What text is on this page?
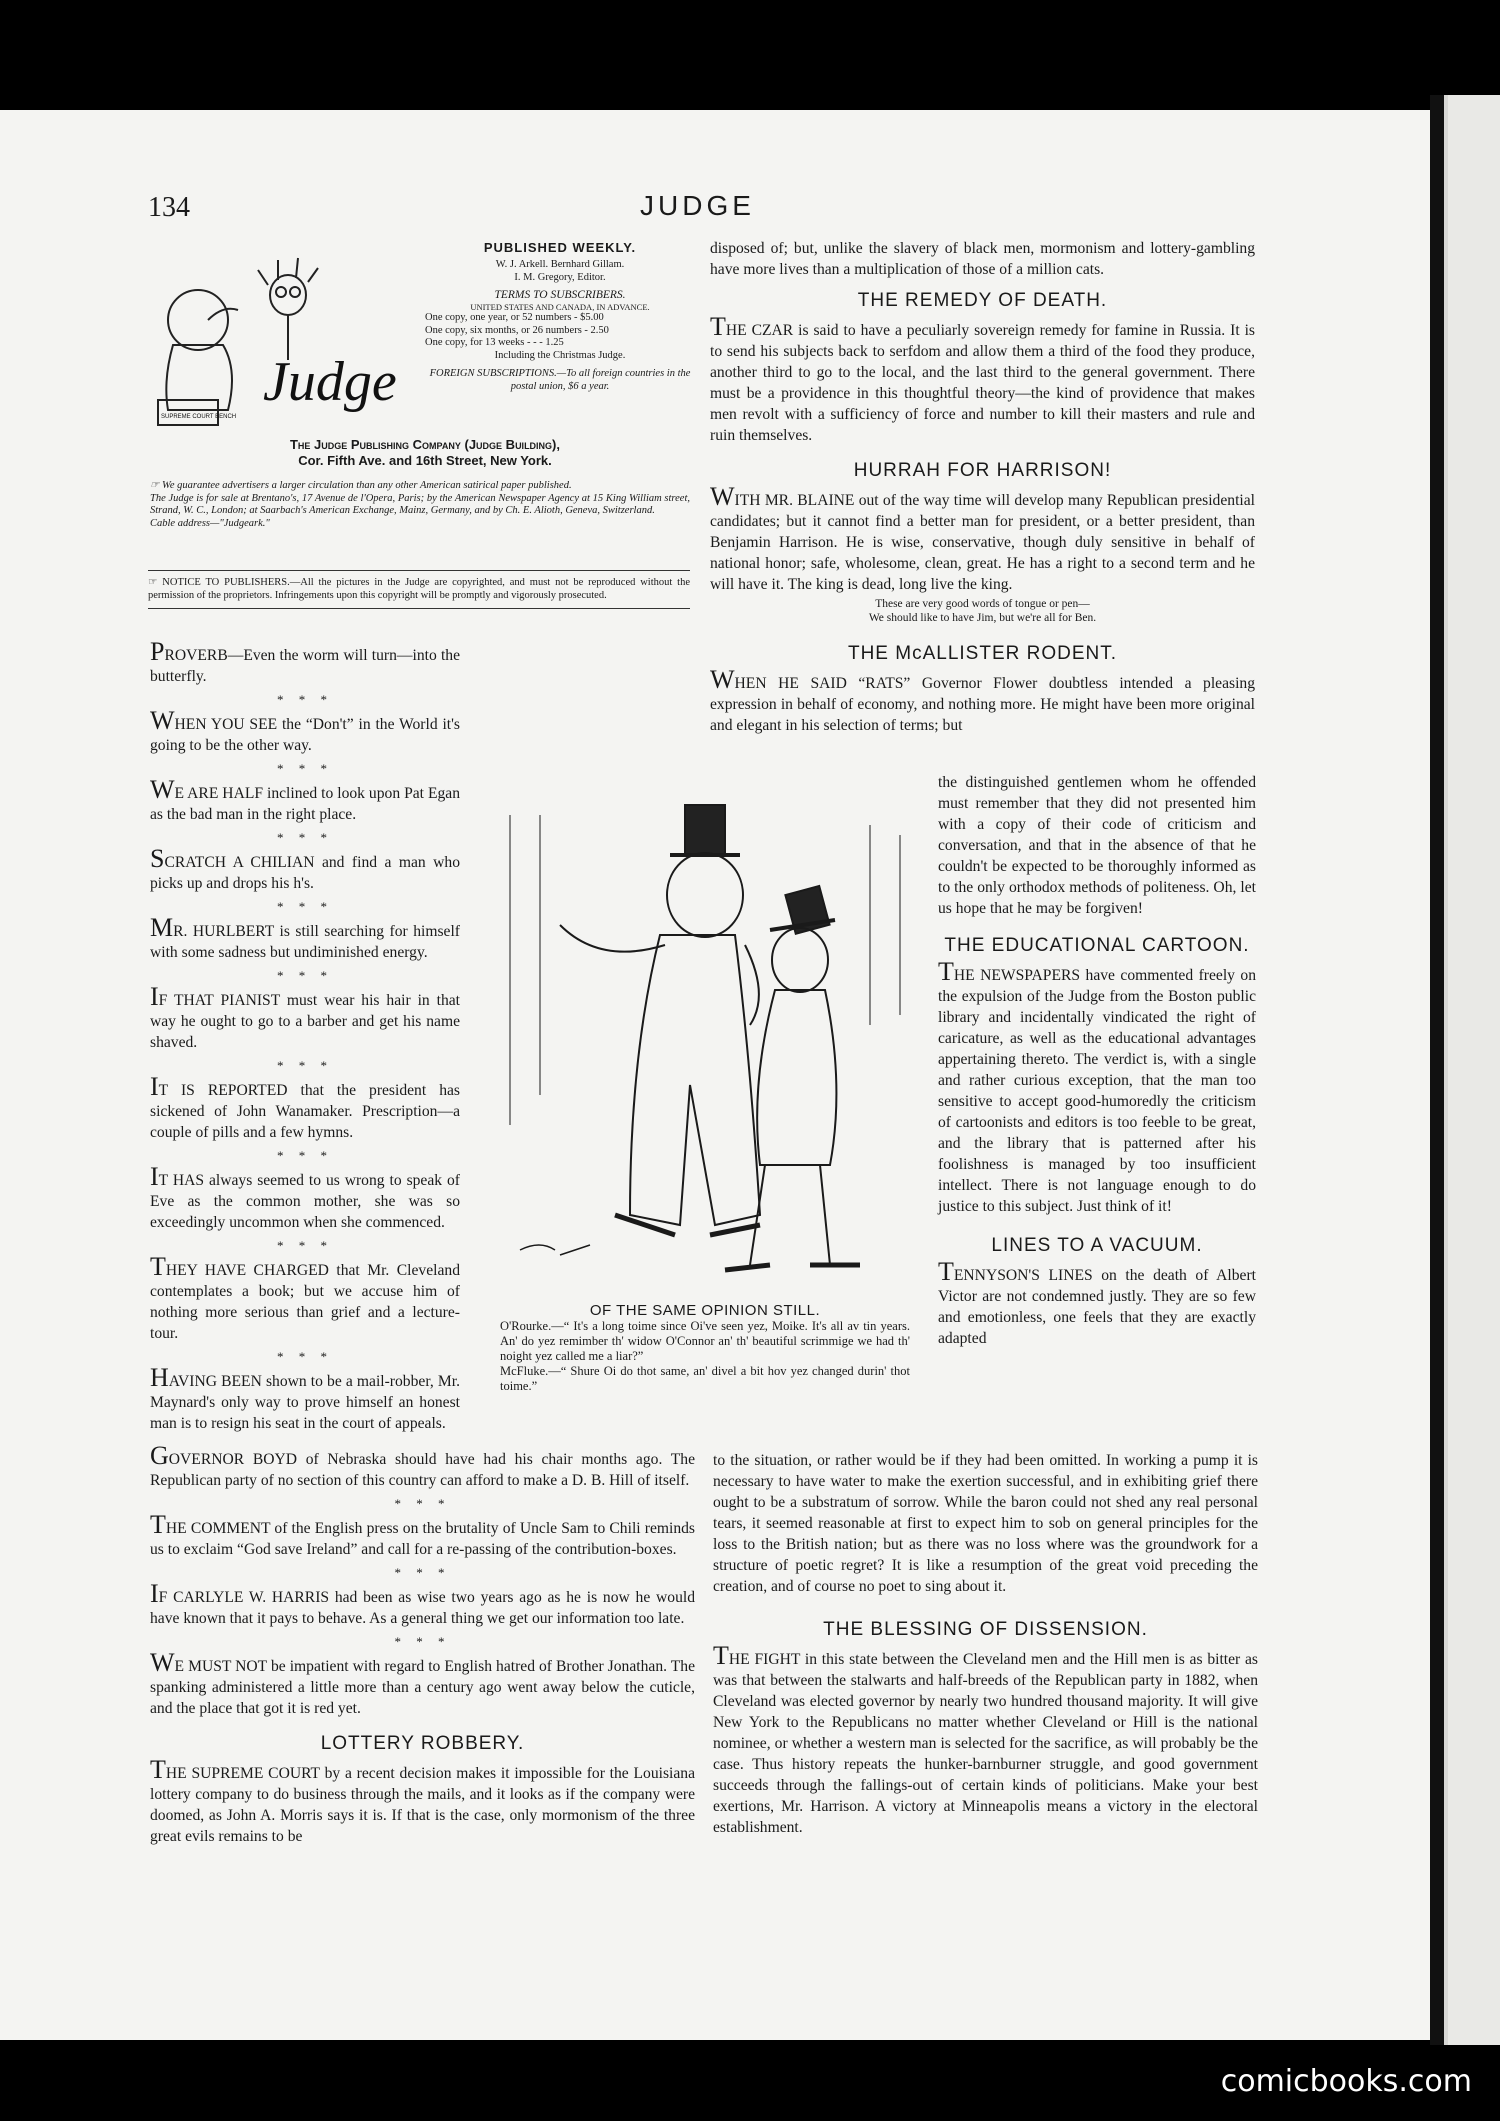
134	JUDGE
Judge
SUPREME COURT BENCH
PUBLISHED WEEKLY.
W. J. Arkell. Bernhard Gillam.
I. M. Gregory, Editor.
TERMS TO SUBSCRIBERS.
UNITED STATES AND CANADA, IN ADVANCE.
One copy, one year, or 52 numbers - $5.00
One copy, six months, or 26 numbers - 2.50
One copy, for 13 weeks - - - 1.25
Including the Christmas Judge.
FOREIGN SUBSCRIPTIONS.—To all foreign countries in the postal union, $6 a year.
The Judge Publishing Company (Judge Building),
Cor. Fifth Ave. and 16th Street, New York.
☞ We guarantee advertisers a larger circulation than any other American satirical paper published.
The Judge is for sale at Brentano's, 17 Avenue de l'Opera, Paris; by the American Newspaper Agency at 15 King William street, Strand, W. C., London; at Saarbach's American Exchange, Mainz, Germany, and by Ch. E. Alioth, Geneva, Switzerland.
Cable address—"Judgeark."
☞ NOTICE TO PUBLISHERS.—All the pictures in the Judge are copyrighted, and must not be reproduced without the permission of the proprietors. Infringements upon this copyright will be promptly and vigorously prosecuted.

PROVERB—Even the worm will turn—into the butterfly.

* * *

WHEN YOU SEE the “Don't” in the World it's going to be the other way.

* * *

WE ARE HALF inclined to look upon Pat Egan as the bad man in the right place.

* * *

SCRATCH A CHILIAN and find a man who picks up and drops his h's.

* * *

MR. HURLBERT is still searching for himself with some sadness but undiminished energy.

* * *

IF THAT PIANIST must wear his hair in that way he ought to go to a barber and get his name shaved.

* * *

IT IS REPORTED that the president has sickened of John Wanamaker. Prescription—a couple of pills and a few hymns.

* * *

IT HAS always seemed to us wrong to speak of Eve as the common mother, she was so exceedingly uncommon when she commenced.

* * *

THEY HAVE CHARGED that Mr. Cleveland contemplates a book; but we accuse him of nothing more serious than grief and a lecture-tour.

* * *

HAVING BEEN shown to be a mail-robber, Mr. Maynard's only way to prove himself an honest man is to resign his seat in the court of appeals.

GOVERNOR BOYD of Nebraska should have had his chair months ago. The Republican party of no section of this country can afford to make a D. B. Hill of itself.

* * *

THE COMMENT of the English press on the brutality of Uncle Sam to Chili reminds us to exclaim “God save Ireland” and call for a re-passing of the contribution-boxes.

* * *

IF CARLYLE W. HARRIS had been as wise two years ago as he is now he would have known that it pays to behave. As a general thing we get our information too late.

* * *

WE MUST NOT be impatient with regard to English hatred of Brother Jonathan. The spanking administered a little more than a century ago went away below the cuticle, and the place that got it is red yet.

LOTTERY ROBBERY.

THE SUPREME COURT by a recent decision makes it impossible for the Louisiana lottery company to do business through the mails, and it looks as if the company were doomed, as John A. Morris says it is. If that is the case, only mormonism of the three great evils remains to be

OF THE SAME OPINION STILL.
O'Rourke.—“ It's a long toime since Oi've seen yez, Moike. It's all av tin years. An' do yez remimber th' widow O'Connor an' th' beautiful scrimmige we had th' noight yez called me a liar?”
McFluke.—“ Shure Oi do thot same, an' divel a bit hov yez changed durin' thot toime.”

disposed of; but, unlike the slavery of black men, mormonism and lottery-gambling have more lives than a multiplication of those of a million cats.

THE REMEDY OF DEATH.

THE CZAR is said to have a peculiarly sovereign remedy for famine in Russia. It is to send his subjects back to serfdom and allow them a third of the food they produce, another third to go to the local, and the last third to the general government. There must be a providence in this thoughtful theory—the kind of providence that makes men revolt with a sufficiency of force and number to kill their masters and rule and ruin themselves.

HURRAH FOR HARRISON!

WITH MR. BLAINE out of the way time will develop many Republican presidential candidates; but it cannot find a better man for president, or a better president, than Benjamin Harrison. He is wise, conservative, though duly sensitive in behalf of national honor; safe, wholesome, clean, great. He has a right to a second term and he will have it. The king is dead, long live the king.

These are very good words of tongue or pen—
We should like to have Jim, but we're all for Ben.
THE McALLISTER RODENT.

WHEN HE SAID “RATS” Governor Flower doubtless intended a pleasing expression in behalf of economy, and nothing more. He might have been more original and elegant in his selection of terms; but

the distinguished gentlemen whom he offended must remember that they did not presented him with a copy of their code of criticism and conversation, and that in the absence of that he couldn't be expected to be thoroughly informed as to the only orthodox methods of politeness. Oh, let us hope that he may be forgiven!

THE EDUCATIONAL CARTOON.

THE NEWSPAPERS have commented freely on the expulsion of the Judge from the Boston public library and incidentally vindicated the right of caricature, as well as the educational advantages appertaining thereto. The verdict is, with a single and rather curious exception, that the man too sensitive to accept good-humoredly the criticism of cartoonists and editors is too feeble to be great, and the library that is patterned after his foolishness is managed by too insufficient intellect. There is not language enough to do justice to this subject. Just think of it!

LINES TO A VACUUM.

TENNYSON'S LINES on the death of Albert Victor are not condemned justly. They are so few and emotionless, one feels that they are exactly adapted

to the situation, or rather would be if they had been omitted. In working a pump it is necessary to have water to make the exertion successful, and in exhibiting grief there ought to be a substratum of sorrow. While the baron could not shed any real personal tears, it seemed reasonable at first to expect him to sob on general principles for the loss to the British nation; but as there was no loss where was the groundwork for a structure of poetic regret? It is like a resumption of the great void preceding the creation, and of course no poet to sing about it.

THE BLESSING OF DISSENSION.

THE FIGHT in this state between the Cleveland men and the Hill men is as bitter as was that between the stalwarts and half-breeds of the Republican party in 1882, when Cleveland was elected governor by nearly two hundred thousand majority. It will give New York to the Republicans no matter whether Cleveland or Hill is the national nominee, or whether a western man is selected for the sacrifice, as will probably be the case. Thus history repeats the hunker-barnburner struggle, and good government succeeds through the fallings-out of certain kinds of politicians. Make your best exertions, Mr. Harrison. A victory at Minneapolis means a victory in the electoral establishment.

comicbooks.com
